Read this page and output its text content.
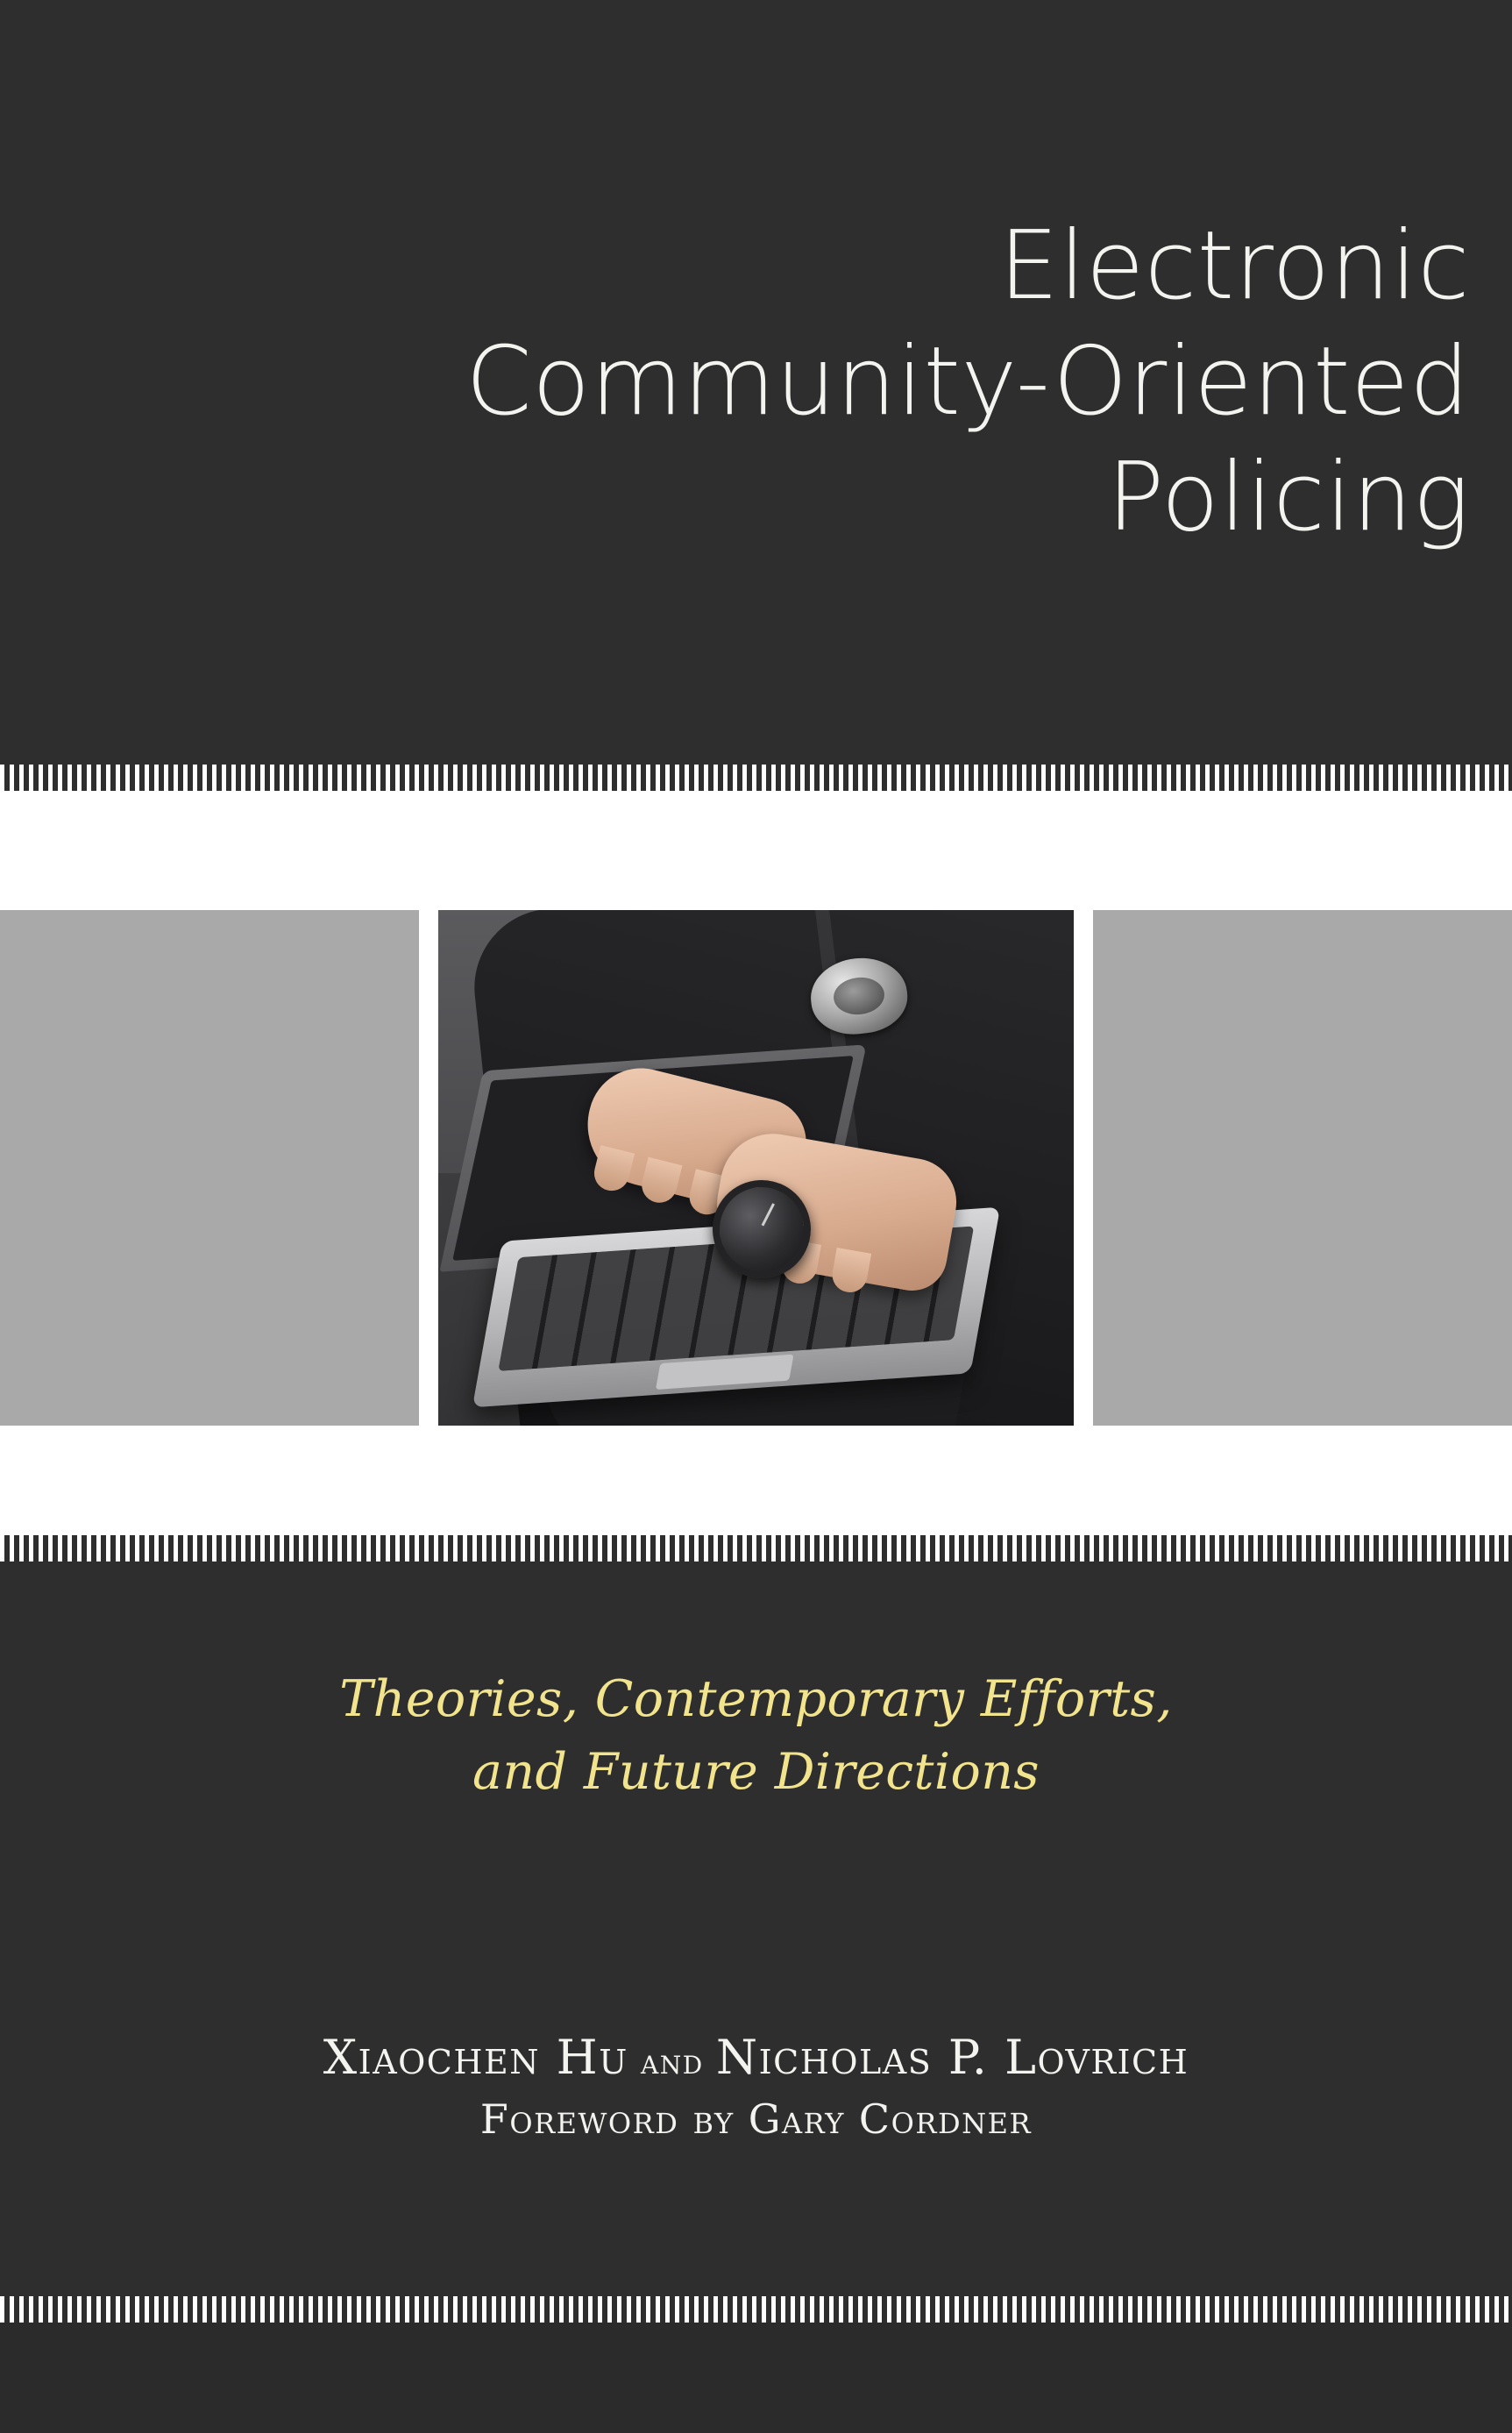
Electronic
Community-Oriented
Policing
Theories, Contemporary Efforts,
and Future Directions
Xiaochen Hu and Nicholas P. Lovrich
Foreword by Gary Cordner
